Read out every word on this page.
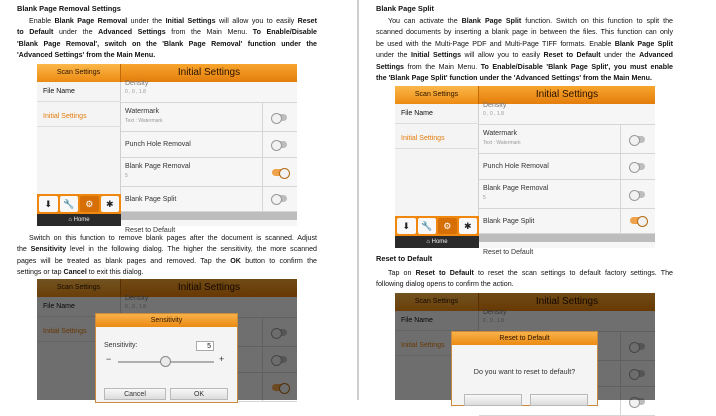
Blank Page Removal Settings
Enable Blank Page Removal under the Initial Settings will allow you to easily Reset
to Default under the Advanced Settings from the Main Menu. To Enable/Disable
'Blank Page Removal', switch on the 'Blank Page Removal' function under the
'Advanced Settings' from the Main Menu.
Scan Settings	Initial Settings
File Name
Initial Settings
⬇	🔧	⚙	✱
⌂ Home
Density
0 , 0 , 1.8
Watermark
Text : Watermark
Punch Hole Removal
Blank Page Removal
5
Blank Page Split
Reset to Default
Switch on this function to remove blank pages after the document is scanned. Adjust
the Sensitivity level in the following dialog. The higher the sensitivity, the more scanned
pages will be treated as blank pages and removed. Tap the OK button to confirm the
settings or tap Cancel to exit this dialog.
Sensitivity
Sensitivity:	5
−	+
Cancel	OK
Blank Page Split
You can activate the Blank Page Split function. Switch on this function to split the
scanned documents by inserting a blank page in between the files. This function can only
be used with the Multi-Page PDF and Multi-Page TIFF formats. Enable Blank Page Split
under the Initial Settings will allow you to easily Reset to Default under the Advanced
Settings from the Main Menu. To Enable/Disable 'Blank Page Split', you must enable
the 'Blank Page Split' function under the 'Advanced Settings' from the Main Menu.
Scan Settings	Initial Settings
File Name
Initial Settings
⬇	🔧	⚙	✱
⌂ Home
Density
0 , 0 , 1.8
Watermark
Text : Watermark
Punch Hole Removal
Blank Page Removal
5
Blank Page Split
Reset to Default
Reset to Default
Tap on Reset to Default to reset the scan settings to default factory settings. The
following dialog opens to confirm the action.
Reset to Default
Do you want to reset to default?
